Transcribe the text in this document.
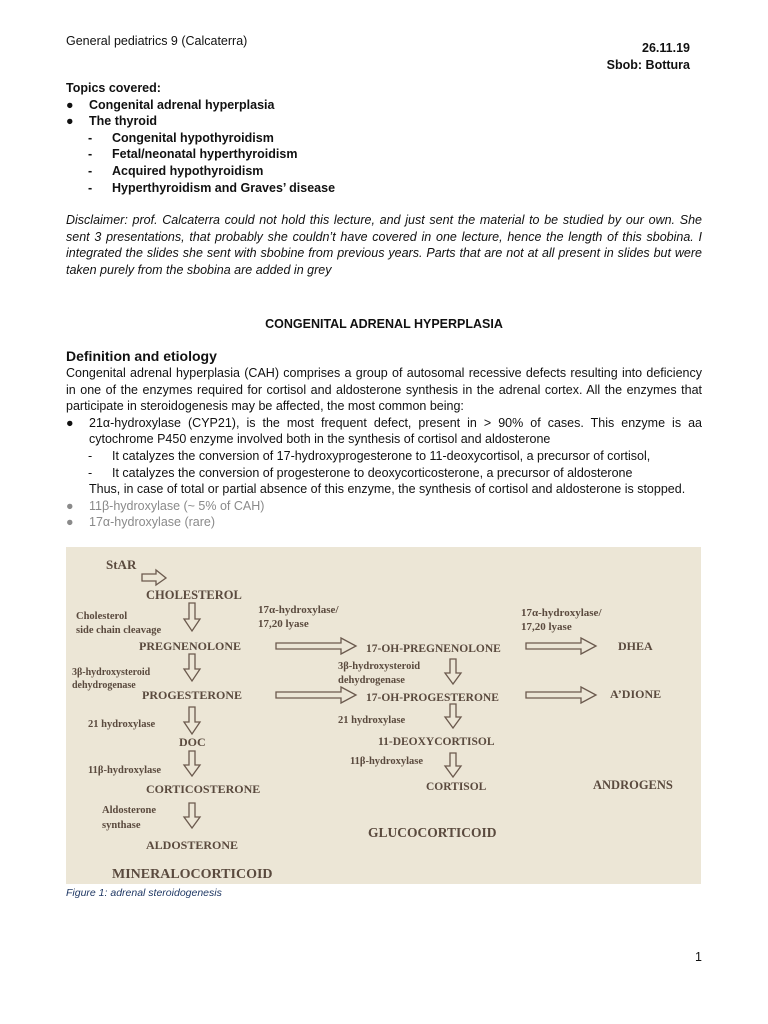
General pediatrics 9 (Calcaterra)	26.11.19
Sbob: Bottura
Topics covered:
● Congenital adrenal hyperplasia
● The thyroid
- Congenital hypothyroidism
- Fetal/neonatal hyperthyroidism
- Acquired hypothyroidism
- Hyperthyroidism and Graves’ disease
Disclaimer: prof. Calcaterra could not hold this lecture, and just sent the material to be studied by our own. She sent 3 presentations, that probably she couldn’t have covered in one lecture, hence the length of this sbobina. I integrated the slides she sent with sbobine from previous years. Parts that are not at all present in slides but were taken purely from the sbobina are added in grey
CONGENITAL ADRENAL HYPERPLASIA
Definition and etiology

Congenital adrenal hyperplasia (CAH) comprises a group of autosomal recessive defects resulting into deficiency in one of the enzymes required for cortisol and aldosterone synthesis in the adrenal cortex. All the enzymes that participate in steroidogenesis may be affected, the most common being:

●	21α-hydroxylase (CYP21), is the most frequent defect, present in > 90% of cases. This enzyme is aa cytochrome P450 enzyme involved both in the synthesis of cortisol and aldosterone
-	It catalyzes the conversion of 17-hydroxyprogesterone to 11-deoxycortisol, a precursor of cortisol,
-	It catalyzes the conversion of progesterone to deoxycorticosterone, a precursor of aldosterone
Thus, in case of total or partial absence of this enzyme, the synthesis of cortisol and aldosterone is stopped.
●	11β-hydroxylase (~ 5% of CAH)
●	17α-hydroxylase (rare)
StAR
CHOLESTEROL
Cholesterol
side chain cleavage
17α-hydroxylase/
17,20 lyase
17α-hydroxylase/
17,20 lyase
PREGNENOLONE	17-OH-PREGNENOLONE	DHEA
3β-hydroxysteroid
dehydrogenase
3β-hydroxysteroid
dehydrogenase
PROGESTERONE	17-OH-PROGESTERONE	A’DIONE
21 hydroxylase	21 hydroxylase
DOC	11-DEOXYCORTISOL
11β-hydroxylase
11β-hydroxylase
CORTICOSTERONE	CORTISOL	ANDROGENS
Aldosterone
synthase
ALDOSTERONE
GLUCOCORTICOID
MINERALOCORTICOID
Figure 1: adrenal steroidogenesis
1
